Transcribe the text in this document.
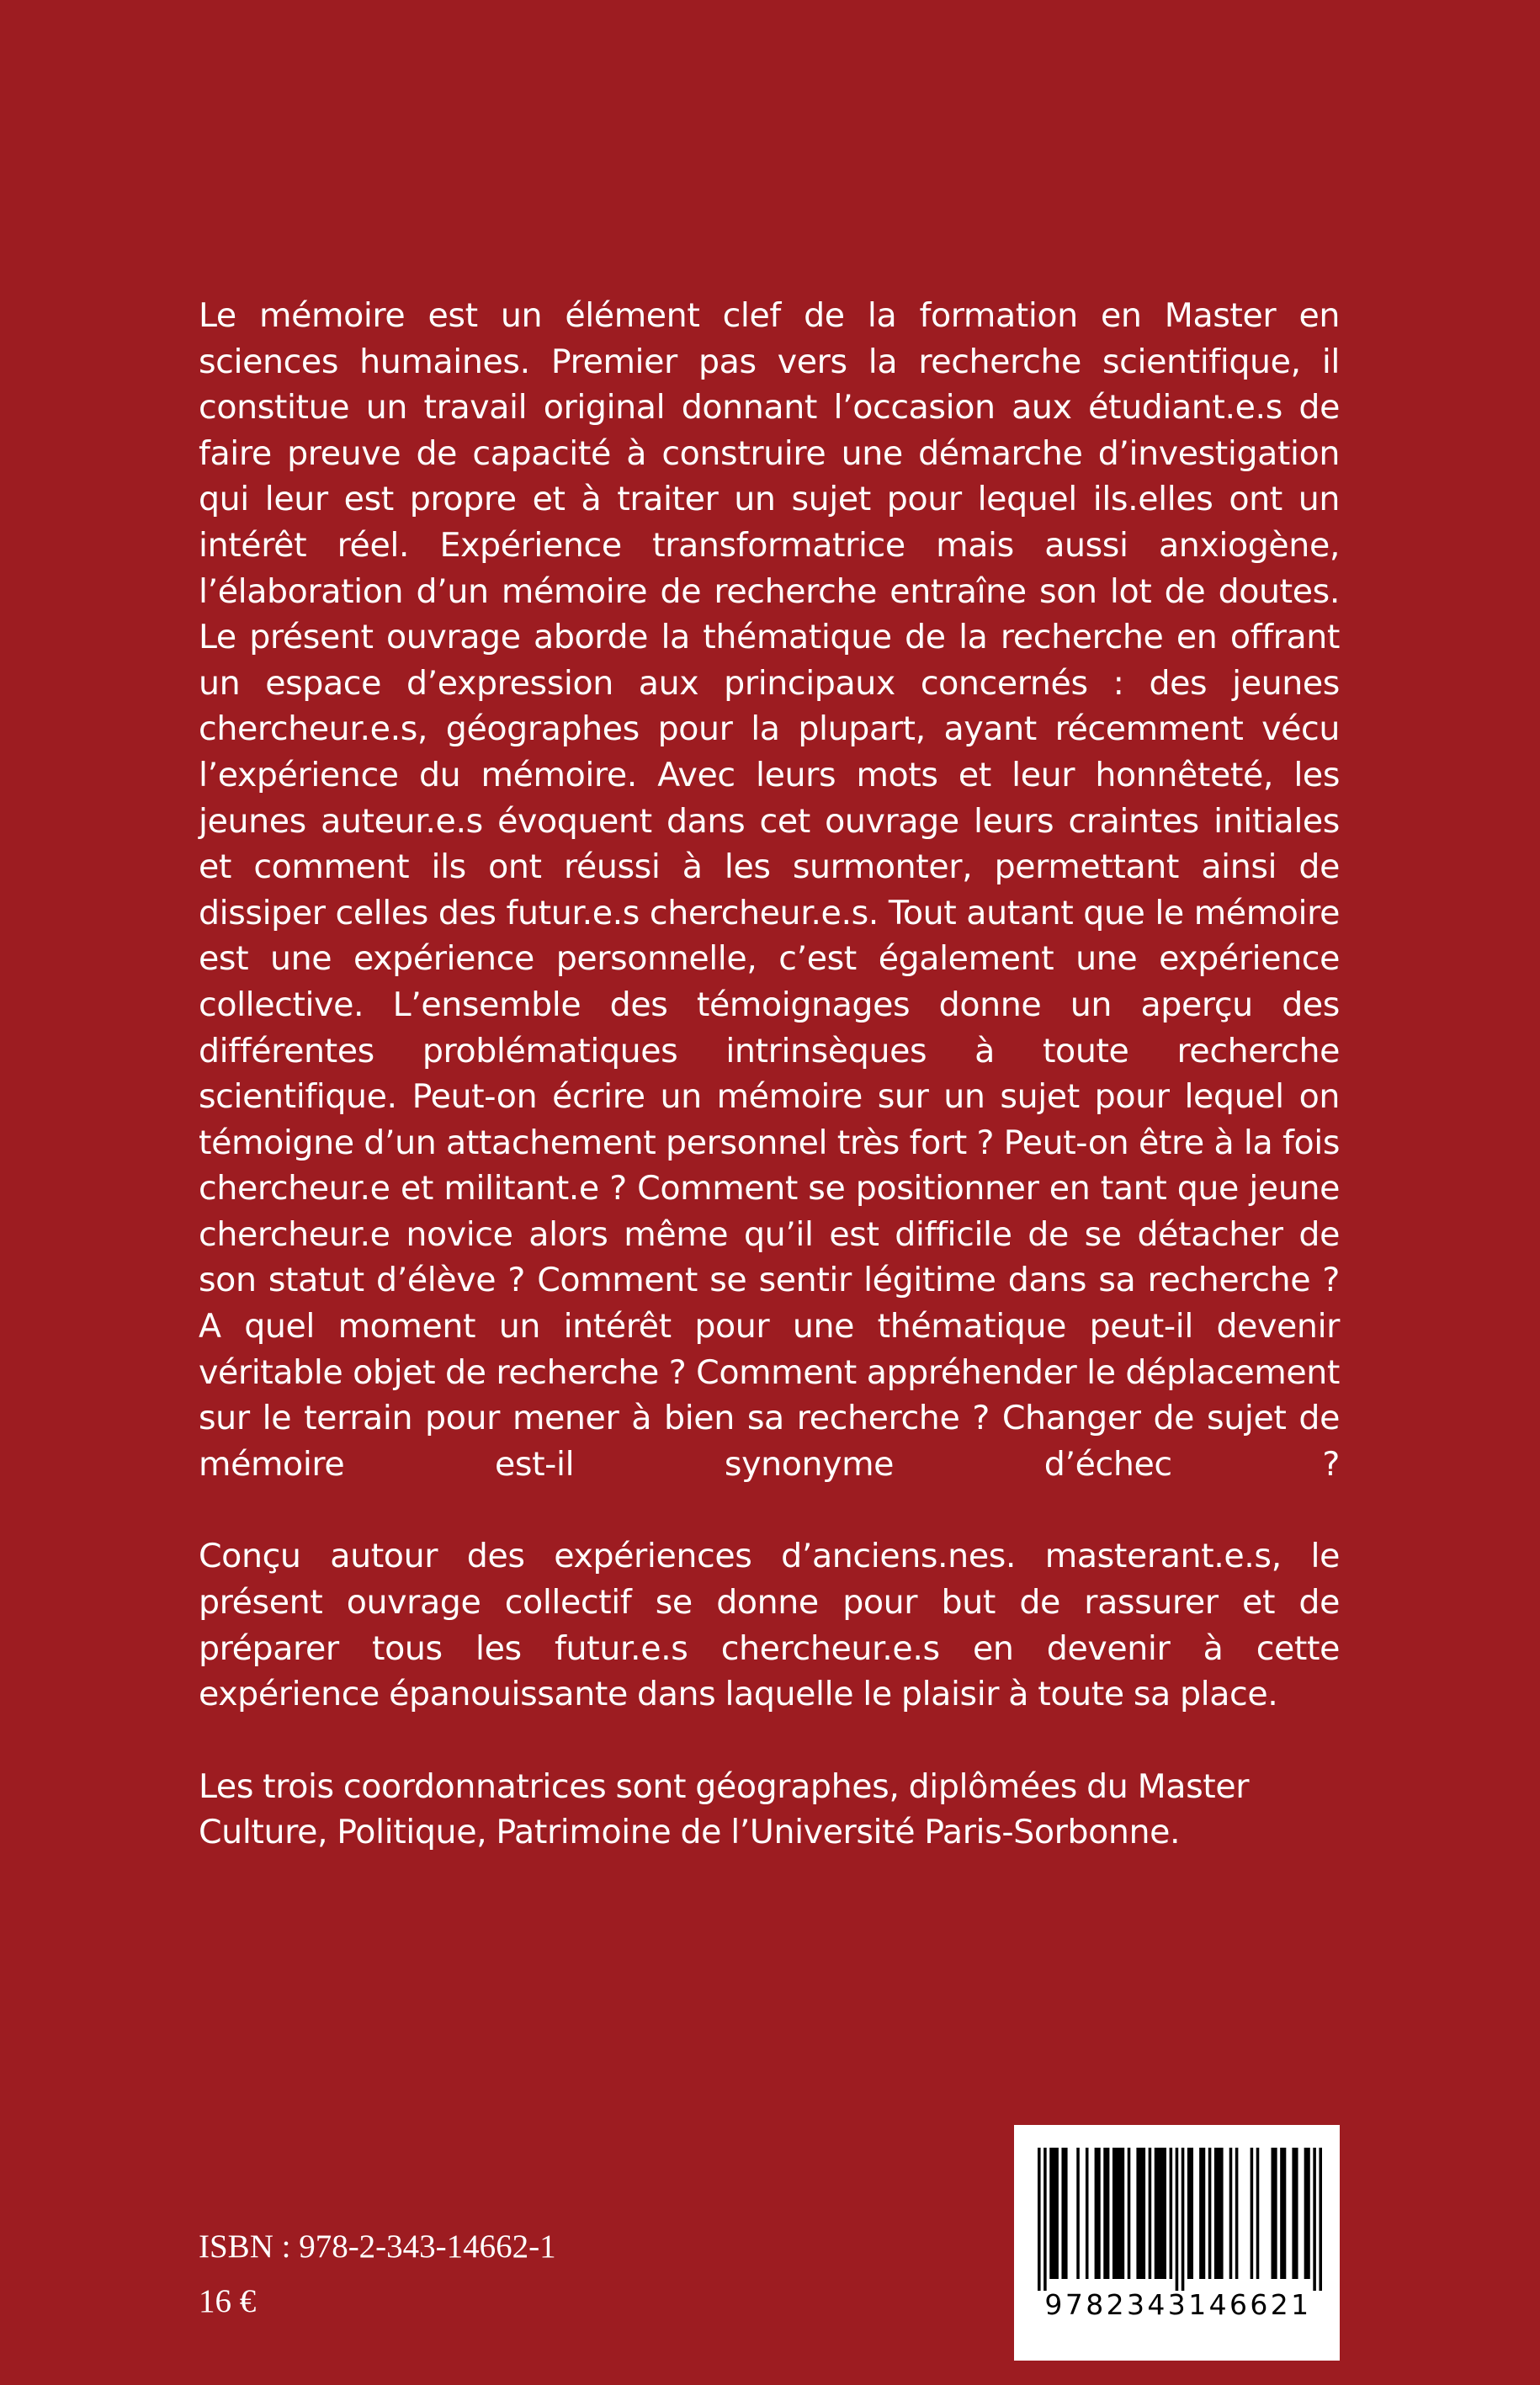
Le mémoire est un élément clef de la formation en Master en sciences humaines. Premier pas vers la recherche scientifique, il constitue un travail original donnant l’occasion aux étudiant.e.s de faire preuve de capacité à construire une démarche d’investigation qui leur est propre et à traiter un sujet pour lequel ils.elles ont un intérêt réel. Expérience transformatrice mais aussi anxiogène, l’élaboration d’un mémoire de recherche entraîne son lot de doutes. Le présent ouvrage aborde la thématique de la recherche en offrant un espace d’expression aux principaux concernés : des jeunes chercheur.e.s, géographes pour la plupart, ayant récemment vécu l’expérience du mémoire. Avec leurs mots et leur honnêteté, les jeunes auteur.e.s évoquent dans cet ouvrage leurs craintes initiales et comment ils ont réussi à les surmonter, permettant ainsi de dissiper celles des futur.e.s chercheur.e.s. Tout autant que le mémoire est une expérience personnelle, c’est également une expérience collective. L’ensemble des témoignages donne un aperçu des différentes problématiques intrinsèques à toute recherche scientifique. Peut-on écrire un mémoire sur un sujet pour lequel on témoigne d’un attachement personnel très fort ? Peut-on être à la fois chercheur.e et militant.e ? Comment se positionner en tant que jeune chercheur.e novice alors même qu’il est difficile de se détacher de son statut d’élève ? Comment se sentir légitime dans sa recherche ? A quel moment un intérêt pour une thématique peut-il devenir véritable objet de recherche ? Comment appréhender le déplacement sur le terrain pour mener à bien sa recherche ? Changer de sujet de mémoire est-il synonyme d’échec ?

Conçu autour des expériences d’anciens.nes. masterant.e.s, le présent ouvrage collectif se donne pour but de rassurer et de préparer tous les futur.e.s chercheur.e.s en devenir à cette expérience épanouissante dans laquelle le plaisir à toute sa place.

Les trois coordonnatrices sont géographes, diplômées du Master Culture, Politique, Patrimoine de l’Université Paris-Sorbonne.

ISBN : 978-2-343-14662-1
16 €	9782343146621
